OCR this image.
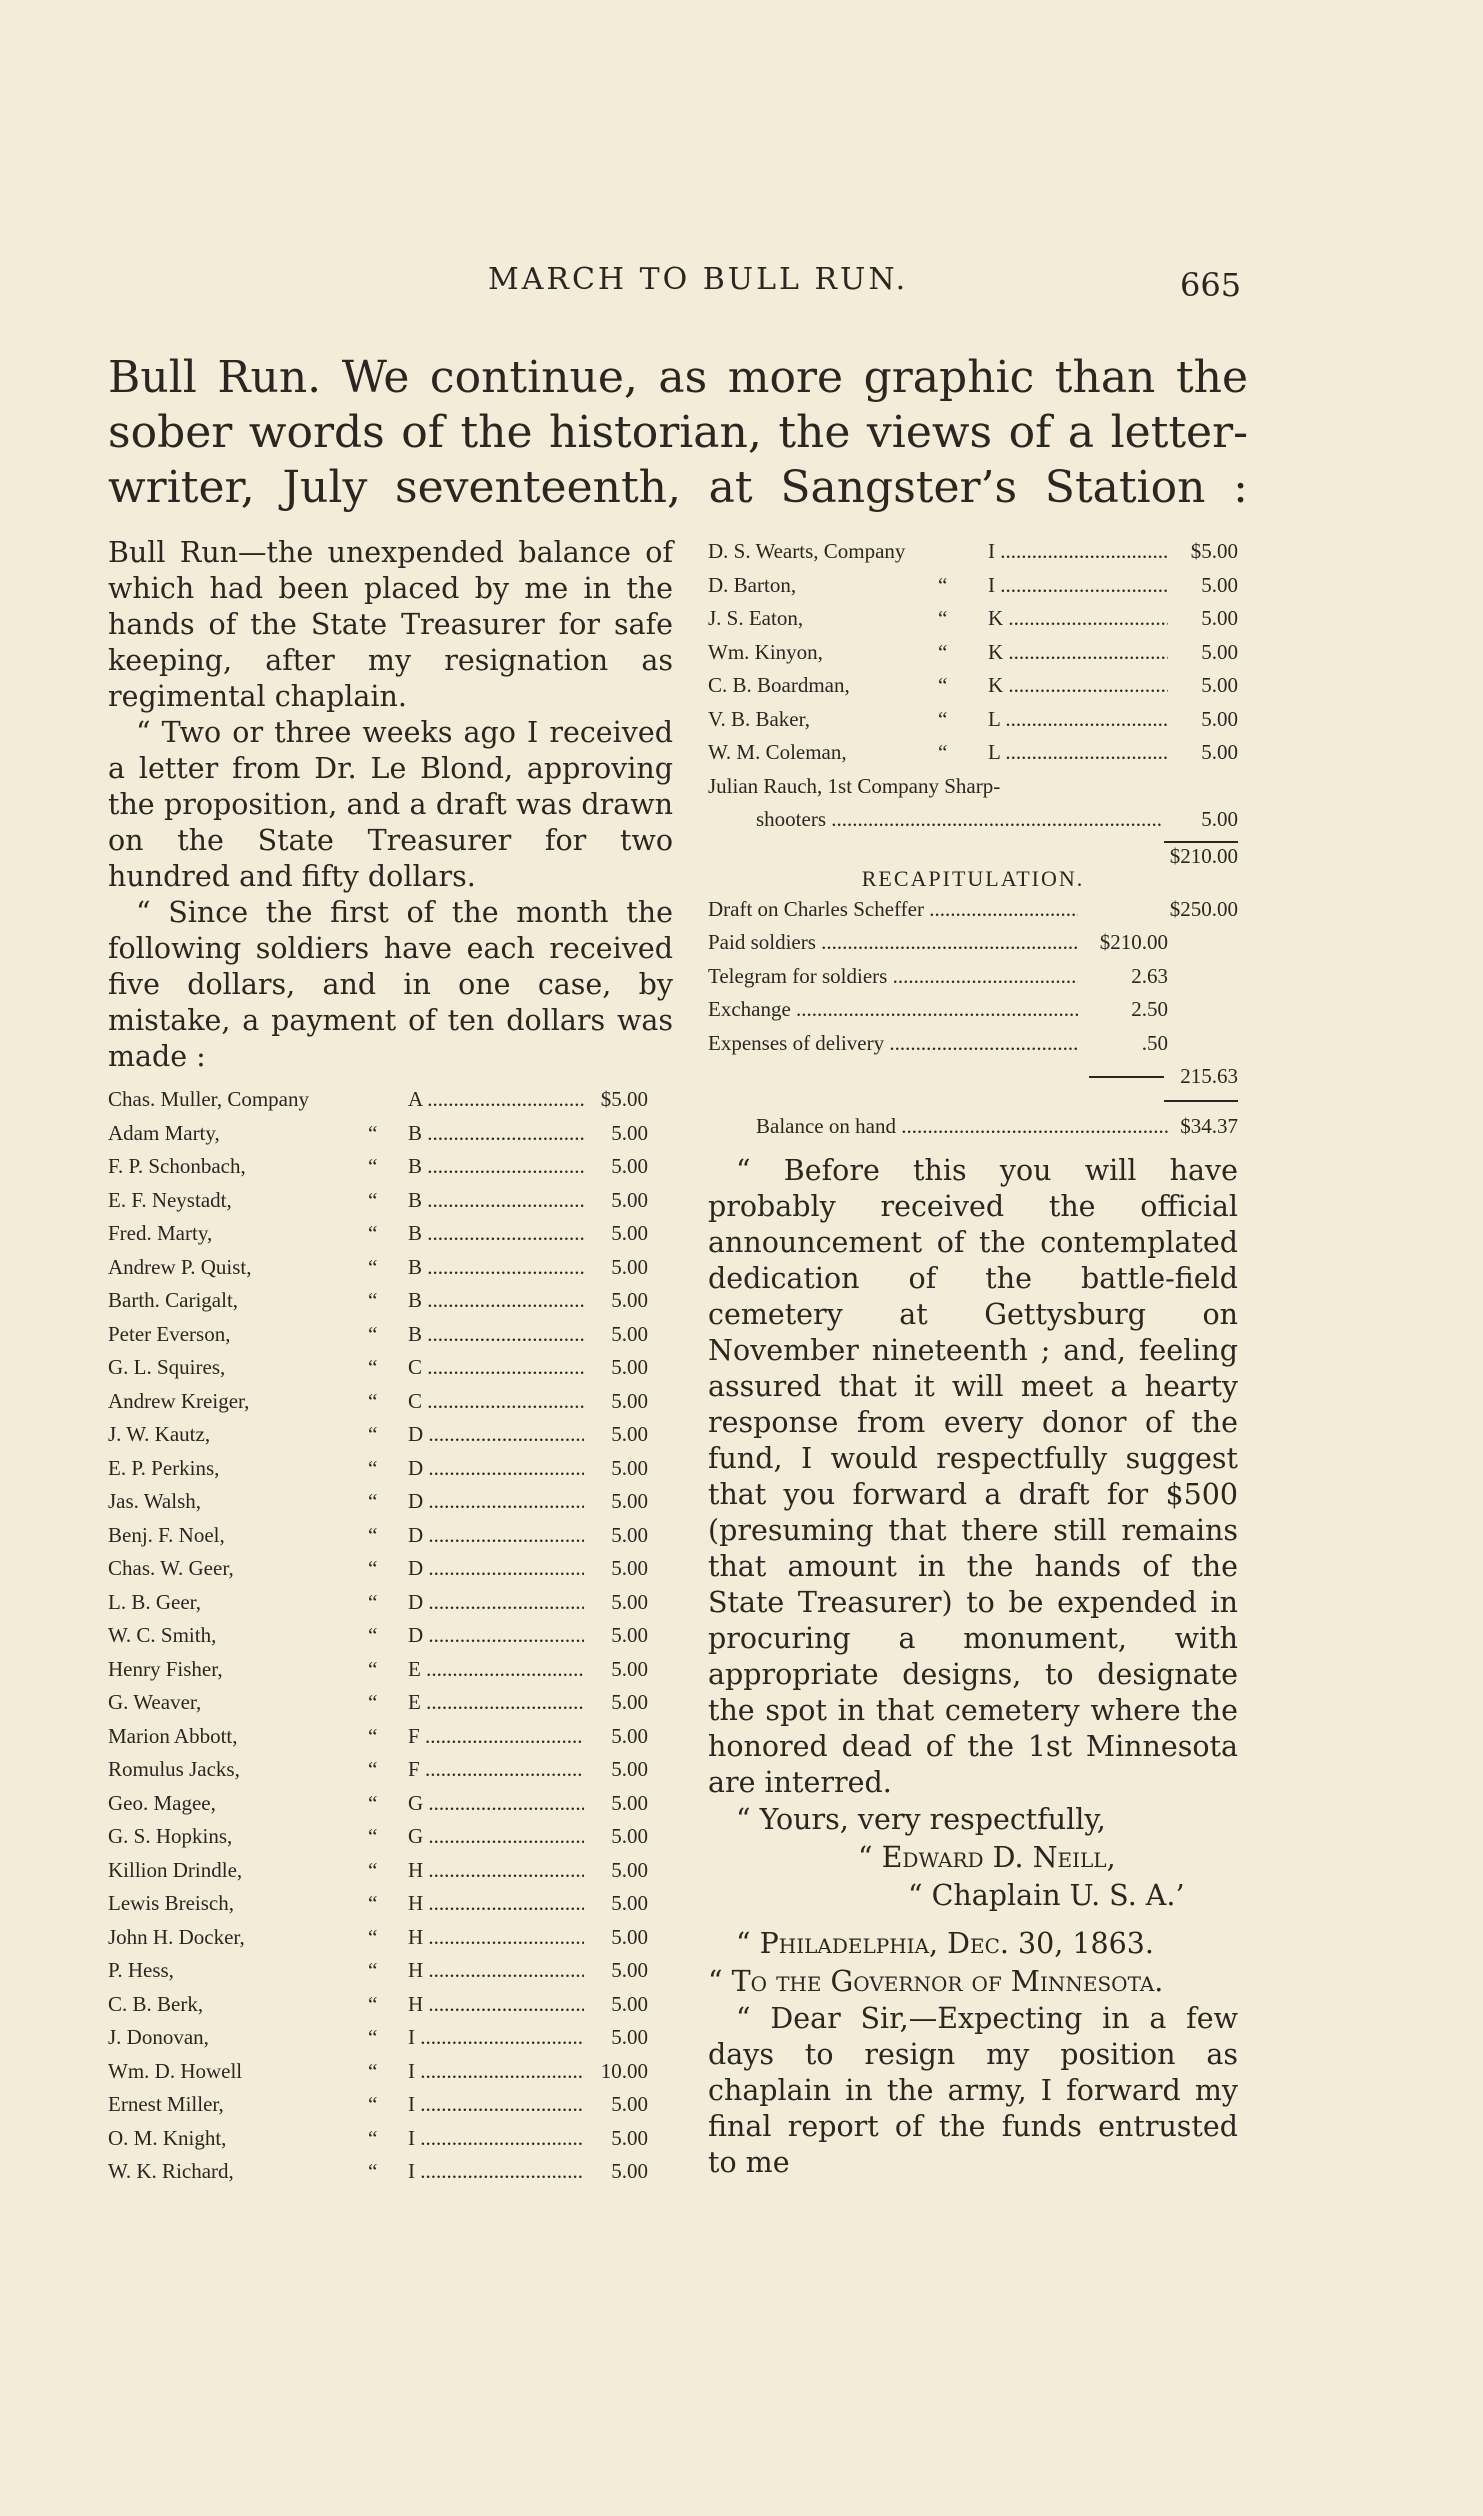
MARCH TO BULL RUN.	665

Bull Run. We continue, as more graphic than the sober words of the historian, the views of a letter-writer, July seventeenth, at Sangster’s Station :

Bull Run—the unexpended balance of which had been placed by me in the hands of the State Treasurer for safe keeping, after my resignation as regimental chaplain.

“ Two or three weeks ago I received a letter from Dr. Le Blond, approving the proposition, and a draft was drawn on the State Treasurer for two hundred and fifty dollars.

“ Since the first of the month the following soldiers have each received five dollars, and in one case, by mistake, a payment of ten dollars was made :

Chas. Muller, Company	A .....	$5.00
Adam Marty,	“	B .....	5.00
F. P. Schonbach,	“	B .....	5.00
E. F. Neystadt,	“	B .....	5.00
Fred. Marty,	“	B .....	5.00
Andrew P. Quist,	“	B .....	5.00
Barth. Carigalt,	“	B .....	5.00
Peter Everson,	“	B .....	5.00
G. L. Squires,	“	C .....	5.00
Andrew Kreiger,	“	C .....	5.00
J. W. Kautz,	“	D .....	5.00
E. P. Perkins,	“	D .....	5.00
Jas. Walsh,	“	D .....	5.00
Benj. F. Noel,	“	D .....	5.00
Chas. W. Geer,	“	D .....	5.00
L. B. Geer,	“	D .....	5.00
W. C. Smith,	“	D .....	5.00
Henry Fisher,	“	E .....	5.00
G. Weaver,	“	E .....	5.00
Marion Abbott,	“	F .....	5.00
Romulus Jacks,	“	F .....	5.00
Geo. Magee,	“	G .....	5.00
G. S. Hopkins,	“	G .....	5.00
Killion Drindle,	“	H .....	5.00
Lewis Breisch,	“	H .....	5.00
John H. Docker,	“	H .....	5.00
P. Hess,	“	H .....	5.00
C. B. Berk,	“	H .....	5.00
J. Donovan,	“	I .....	5.00
Wm. D. Howell	“	I .....	10.00
Ernest Miller,	“	I .....	5.00
O. M. Knight,	“	I .....	5.00
W. K. Richard,	“	I .....	5.00
D. S. Wearts, Company	I .....	$5.00
D. Barton,	“	I .....	5.00
J. S. Eaton,	“	K .....	5.00
Wm. Kinyon,	“	K .....	5.00
C. B. Boardman,	“	K .....	5.00
V. B. Baker,	“	L .....	5.00
W. M. Coleman,	“	L .....	5.00
Julian Rauch, 1st Company Sharp-
shooters .....	5.00
$210.00
RECAPITULATION.
Draft on Charles Scheffer .....	$250.00
Paid soldiers .....	$210.00
Telegram for soldiers .....	2.63
Exchange .....	2.50
Expenses of delivery .....	.50
215.63
Balance on hand .....	$34.37

“ Before this you will have probably received the official announcement of the contemplated dedication of the battle-field cemetery at Gettysburg on November nineteenth ; and, feeling assured that it will meet a hearty response from every donor of the fund, I would respectfully suggest that you forward a draft for $500 (presuming that there still remains that amount in the hands of the State Treasurer) to be expended in procuring a monument, with appropriate designs, to designate the spot in that cemetery where the honored dead of the 1st Minnesota are interred.

“ Yours, very respectfully,
“ Edward D. Neill,
“ Chaplain U. S. A.’
“ Philadelphia, Dec. 30, 1863.
“ To the Governor of Minnesota.

“ Dear Sir,—Expecting in a few days to resign my position as chaplain in the army, I forward my final report of the funds entrusted to me
